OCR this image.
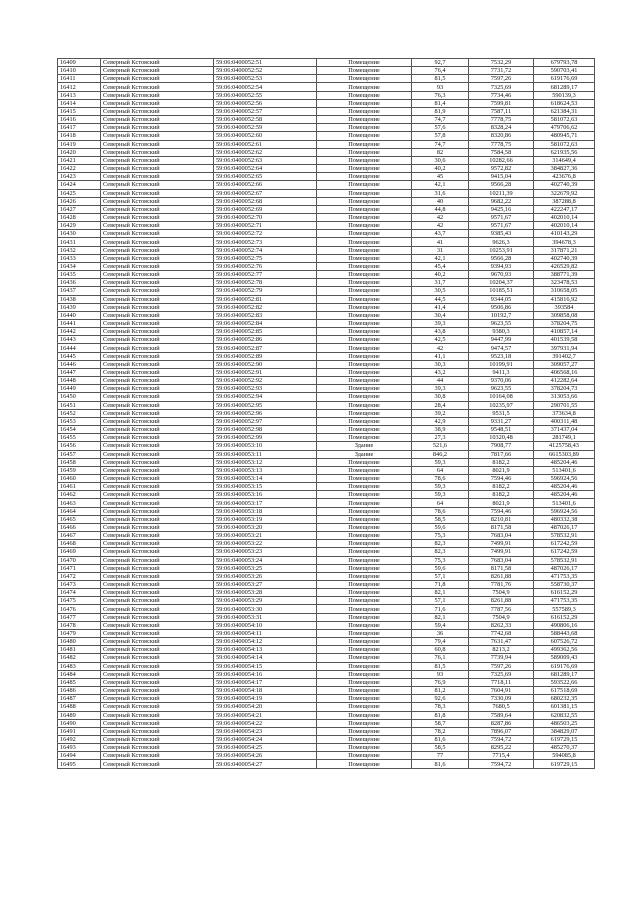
16409	Северный Кстовский	59:06:0400052:51	Помещение	92,7	7532,29	679793,78
16410	Северный Кстовский	59:06:0400052:52	Помещение	76,4	7731,72	590703,41
16411	Северный Кстовский	59:06:0400052:53	Помещение	81,5	7597,26	619176,69
16412	Северный Кстовский	59:06:0400052:54	Помещение	93	7325,69	681289,17
16413	Северный Кстовский	59:06:0400052:55	Помещение	76,3	7734,46	590139,3
16414	Северный Кстовский	59:06:0400052:56	Помещение	81,4	7599,81	618624,53
16415	Северный Кстовский	59:06:0400052:57	Помещение	81,9	7587,11	621384,31
16416	Северный Кстовский	59:06:0400052:58	Помещение	74,7	7778,75	581072,63
16417	Северный Кстовский	59:06:0400052:59	Помещение	57,6	8328,24	479706,62
16418	Северный Кстовский	59:06:0400052:60	Помещение	57,8	8320,86	480945,71
16419	Северный Кстовский	59:06:0400052:61	Помещение	74,7	7778,75	581072,63
16420	Северный Кстовский	59:06:0400052:62	Помещение	82	7584,58	621935,56
16421	Северный Кстовский	59:06:0400052:63	Помещение	30,6	10282,66	314649,4
16422	Северный Кстовский	59:06:0400052:64	Помещение	40,2	9572,82	384827,36
16423	Северный Кстовский	59:06:0400052:65	Помещение	45	9415,04	423676,8
16424	Северный Кстовский	59:06:0400052:66	Помещение	42,1	9566,28	402740,39
16425	Северный Кстовский	59:06:0400052:67	Помещение	31,6	10211,39	322679,92
16426	Северный Кстовский	59:06:0400052:68	Помещение	40	9682,22	387288,8
16427	Северный Кстовский	59:06:0400052:69	Помещение	44,8	9425,16	422247,17
16428	Северный Кстовский	59:06:0400052:70	Помещение	42	9571,67	402010,14
16429	Северный Кстовский	59:06:0400052:71	Помещение	42	9571,67	402010,14
16430	Северный Кстовский	59:06:0400052:72	Помещение	43,7	9385,43	410143,29
16431	Северный Кстовский	59:06:0400052:73	Помещение	41	9626,3	394678,3
16432	Северный Кстовский	59:06:0400052:74	Помещение	31	10253,91	317871,21
16433	Северный Кстовский	59:06:0400052:75	Помещение	42,1	9566,28	402740,39
16434	Северный Кстовский	59:06:0400052:76	Помещение	45,4	9394,93	426529,82
16435	Северный Кстовский	59:06:0400052:77	Помещение	40,2	9670,93	388771,39
16436	Северный Кстовский	59:06:0400052:78	Помещение	31,7	10204,37	323478,53
16437	Северный Кстовский	59:06:0400052:79	Помещение	30,5	10185,51	310658,05
16438	Северный Кстовский	59:06:0400052:81	Помещение	44,5	9344,05	415816,92
16439	Северный Кстовский	59:06:0400052:82	Помещение	41,4	9506,86	393584
16440	Северный Кстовский	59:06:0400052:83	Помещение	30,4	10192,7	309858,08
16441	Северный Кстовский	59:06:0400052:84	Помещение	39,3	9623,55	378204,75
16442	Северный Кстовский	59:06:0400052:85	Помещение	43,8	9380,3	410857,14
16443	Северный Кстовский	59:06:0400052:86	Помещение	42,5	9447,99	401539,58
16444	Северный Кстовский	59:06:0400052:87	Помещение	42	9474,57	397931,94
16445	Северный Кстовский	59:06:0400052:89	Помещение	41,1	9523,18	391402,7
16446	Северный Кстовский	59:06:0400052:90	Помещение	30,3	10199,91	309057,27
16447	Северный Кстовский	59:06:0400052:91	Помещение	43,2	9411,3	406568,16
16448	Северный Кстовский	59:06:0400052:92	Помещение	44	9370,06	412282,64
16449	Северный Кстовский	59:06:0400052:93	Помещение	39,3	9623,55	378204,73
16450	Северный Кстовский	59:06:0400052:94	Помещение	30,8	10164,08	313053,66
16451	Северный Кстовский	59:06:0400052:95	Помещение	28,4	10235,97	290701,55
16452	Северный Кстовский	59:06:0400052:96	Помещение	39,2	9531,5	373634,8
16453	Северный Кстовский	59:06:0400052:97	Помещение	42,9	9331,27	400311,48
16454	Северный Кстовский	59:06:0400052:98	Помещение	38,9	9548,51	371437,04
16455	Северный Кстовский	59:06:0400052:99	Помещение	27,3	10320,48	281749,1
16456	Северный Кстовский	59:06:0400053:10	Здание	521,6	7908,77	4125758,43
16457	Северный Кстовский	59:06:0400053:11	Здание	846,2	7817,66	6615303,89
16458	Северный Кстовский	59:06:0400053:12	Помещение	59,3	8182,2	485204,46
16459	Северный Кстовский	59:06:0400053:13	Помещение	64	8021,9	513401,6
16460	Северный Кстовский	59:06:0400053:14	Помещение	78,6	7594,46	596924,56
16461	Северный Кстовский	59:06:0400053:15	Помещение	59,3	8182,2	485204,46
16462	Северный Кстовский	59:06:0400053:16	Помещение	59,3	8182,2	485204,46
16463	Северный Кстовский	59:06:0400053:17	Помещение	64	8021,9	513401,6
16464	Северный Кстовский	59:06:0400053:18	Помещение	78,6	7594,46	596924,56
16465	Северный Кстовский	59:06:0400053:19	Помещение	58,5	8210,81	480332,38
16466	Северный Кстовский	59:06:0400053:20	Помещение	59,6	8171,58	487026,17
16467	Северный Кстовский	59:06:0400053:21	Помещение	75,3	7683,04	578532,91
16468	Северный Кстовский	59:06:0400053:22	Помещение	82,3	7499,91	617242,59
16469	Северный Кстовский	59:06:0400053:23	Помещение	82,3	7499,91	617242,59
16470	Северный Кстовский	59:06:0400053:24	Помещение	75,3	7683,04	578532,91
16471	Северный Кстовский	59:06:0400053:25	Помещение	59,6	8171,58	487026,17
16472	Северный Кстовский	59:06:0400053:26	Помещение	57,1	8261,88	471753,35
16473	Северный Кстовский	59:06:0400053:27	Помещение	71,8	7781,76	558730,37
16474	Северный Кстовский	59:06:0400053:28	Помещение	82,1	7504,9	616152,29
16475	Северный Кстовский	59:06:0400053:29	Помещение	57,1	8261,88	471753,35
16476	Северный Кстовский	59:06:0400053:30	Помещение	71,6	7787,56	557589,3
16477	Северный Кстовский	59:06:0400053:31	Помещение	82,1	7504,9	616152,29
16478	Северный Кстовский	59:06:0400054:10	Помещение	59,4	8262,33	490806,16
16479	Северный Кстовский	59:06:0400054:11	Помещение	36	7742,68	588443,68
16480	Северный Кстовский	59:06:0400054:12	Помещение	79,4	7631,47	607526,72
16481	Северный Кстовский	59:06:0400054:13	Помещение	60,8	8213,2	499362,56
16482	Северный Кстовский	59:06:0400054:14	Помещение	76,1	7739,94	589009,43
16483	Северный Кстовский	59:06:0400054:15	Помещение	81,5	7597,26	619176,69
16484	Северный Кстовский	59:06:0400054:16	Помещение	93	7325,69	681289,17
16485	Северный Кстовский	59:06:0400054:17	Помещение	76,9	7718,11	593522,66
16486	Северный Кстовский	59:06:0400054:18	Помещение	81,2	7604,91	617518,69
16487	Северный Кстовский	59:06:0400054:19	Помещение	92,6	7330,09	680232,35
16488	Северный Кстовский	59:06:0400054:20	Помещение	78,3	7680,5	601381,15
16489	Северный Кстовский	59:06:0400054:21	Помещение	81,8	7589,64	620832,55
16490	Северный Кстовский	59:06:0400054:22	Помещение	58,7	8287,86	486503,25
16491	Северный Кстовский	59:06:0400054:23	Помещение	78,2	7896,07	384829,07
16492	Северный Кстовский	59:06:0400054:24	Помещение	81,6	7594,72	619729,15
16493	Северный Кстовский	59:06:0400054:25	Помещение	58,5	8295,22	485270,37
16494	Северный Кстовский	59:06:0400054:26	Помещение	77	7715,4	594085,8
16495	Северный Кстовский	59:06:0400054:27	Помещение	81,6	7594,72	619729,15
